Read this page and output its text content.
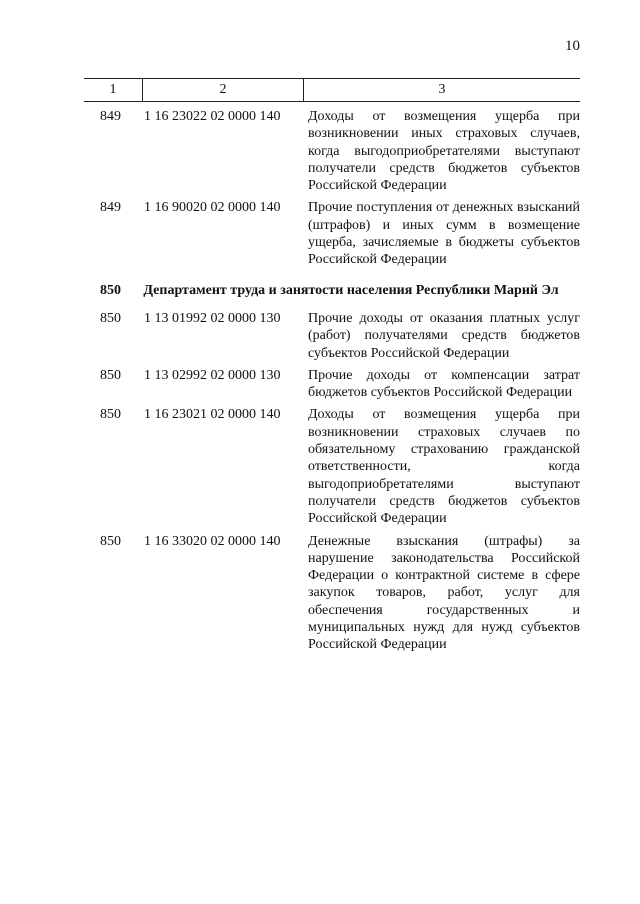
10
1	2	3
849	1 16 23022 02 0000 140	Доходы от возмещения ущерба при возникновении иных страховых случаев, когда выгодоприобретателями выступают получатели средств бюджетов субъектов Российской Федерации
849	1 16 90020 02 0000 140	Прочие поступления от денежных взысканий (штрафов) и иных сумм в возмещение ущерба, зачисляемые в бюджеты субъектов Российской Федерации
850	Департамент труда и занятости населения Республики Марий Эл
850	1 13 01992 02 0000 130	Прочие доходы от оказания платных услуг (работ) получателями средств бюджетов субъектов Российской Федерации
850	1 13 02992 02 0000 130	Прочие доходы от компенсации затрат бюджетов субъектов Российской Федерации
850	1 16 23021 02 0000 140	Доходы от возмещения ущерба при возникновении страховых случаев по обязательному страхованию гражданской ответственности, когда выгодоприобретателями выступают получатели средств бюджетов субъектов Российской Федерации
850	1 16 33020 02 0000 140	Денежные взыскания (штрафы) за нарушение законодательства Российской Федерации о контрактной системе в сфере закупок товаров, работ, услуг для обеспечения государственных и муниципальных нужд для нужд субъектов Российской Федерации
